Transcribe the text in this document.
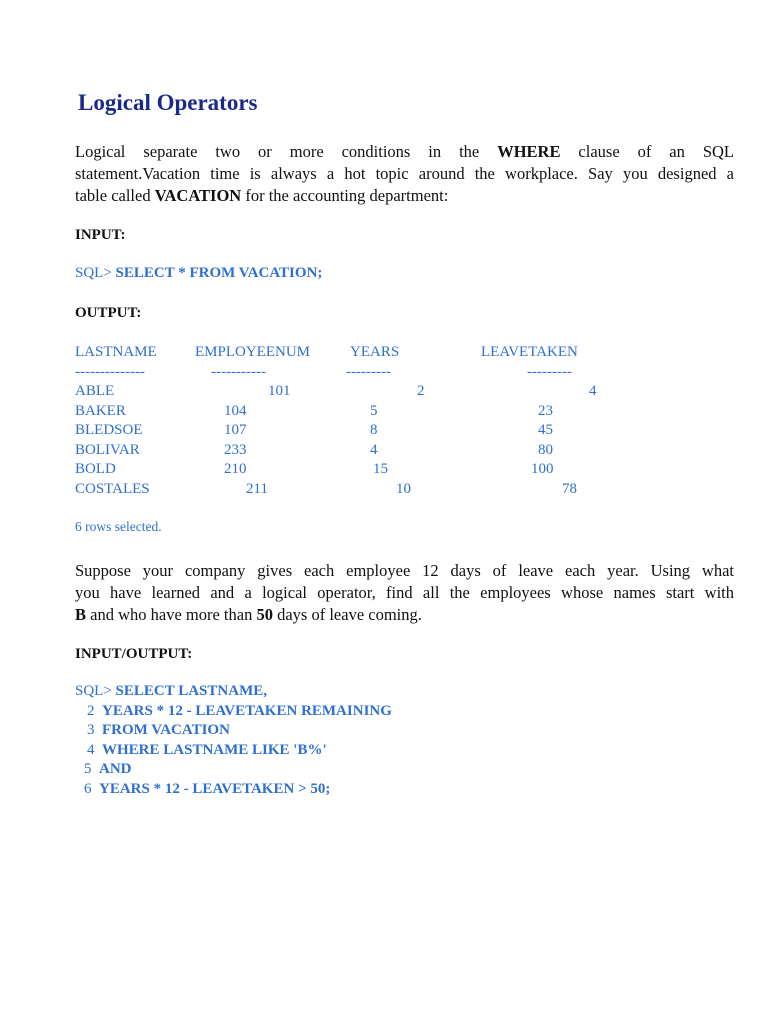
Logical Operators

Logical separate two or more conditions in the WHERE clause of an SQL
statement.Vacation time is always a hot topic around the workplace. Say you designed a
table called VACATION for the accounting department:

INPUT:

SQL> SELECT * FROM VACATION;

OUTPUT:

LASTNAME	EMPLOYEENUM	YEARS	LEAVETAKEN
--------------	-----------	---------	---------
ABLE	101	2	4
BAKER	104	5	23
BLEDSOE	107	8	45
BOLIVAR	233	4	80
BOLD	210	15	100
COSTALES	211	10	78
6 rows selected.

Suppose your company gives each employee 12 days of leave each year. Using what
you have learned and a logical operator, find all the employees whose names start with
B and who have more than 50 days of leave coming.

INPUT/OUTPUT:

SQL> SELECT LASTNAME,

2 YEARS * 12 - LEAVETAKEN REMAINING

3 FROM VACATION

4 WHERE LASTNAME LIKE 'B%'

5 AND

6 YEARS * 12 - LEAVETAKEN > 50;
